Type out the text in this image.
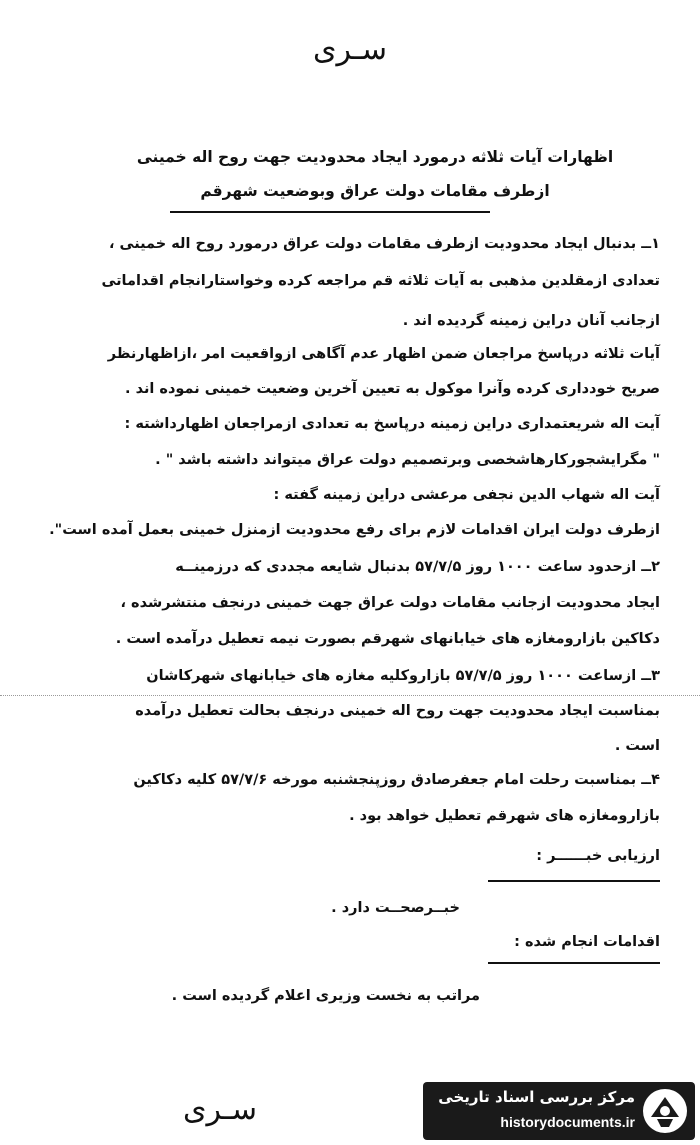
سـری
اظهارات آیات ثلاثه درمورد ایجاد محدودیت جهت روح اله خمینی
ازطرف مقامات دولت عراق وبوضعیت شهرقم
۱ــ بدنبال ایجاد محدودیت ازطرف مقامات دولت عراق درمورد روح اله خمینی ،
تعدادی ازمقلدین مذهبی به آیات ثلاثه قم مراجعه کرده وخواستارانجام اقداماتی
ازجانب آنان دراین زمینه گردیده اند .
آیات ثلاثه درپاسخ مراجعان ضمن اظهار عدم آگاهی ازواقعیت امر ،ازاظهارنظر
صریح خودداری کرده وآنرا موکول به تعیین آخرین وضعیت خمینی نموده اند .
آیت اله شریعتمداری دراین زمینه درپاسخ به تعدادی ازمراجعان اظهارداشته :
" مگرایشجورکارهاشخصی وبرتصمیم دولت عراق میتواند داشته باشد " .
آیت اله شهاب الدین نجفی مرعشی دراین زمینه گفته :
ازطرف دولت ایران اقدامات لازم برای رفع محدودیت ازمنزل خمینی بعمل آمده است".
۲ــ ازحدود ساعت ۱۰۰۰ روز ۵۷/۷/۵ بدنبال شایعه مجددی که درزمینــه
ایجاد محدودیت ازجانب مقامات دولت عراق جهت خمینی درنجف منتشرشده ،
دکاکین بازارومغازه های خیابانهای شهرقم بصورت نیمه تعطیل درآمده است .
۳ــ ازساعت ۱۰۰۰ روز ۵۷/۷/۵ بازاروکلیه مغازه های خیابانهای شهرکاشان
بمناسبت ایجاد محدودیت جهت روح اله خمینی درنجف بحالت تعطیل درآمده
است .
۴ــ بمناسبت رحلت امام جعفرصادق روزپنجشنبه مورخه ۵۷/۷/۶ کلیه دکاکین
بازارومغازه های شهرقم تعطیل خواهد بود .
ارزیابی خبــــــر :
خبــرصحــت دارد .
اقدامات انجام شده :
مراتب به نخست وزیری اعلام گردیده است .
سـری	مرکز بررسی اسناد تاریخی
historydocuments.ir
